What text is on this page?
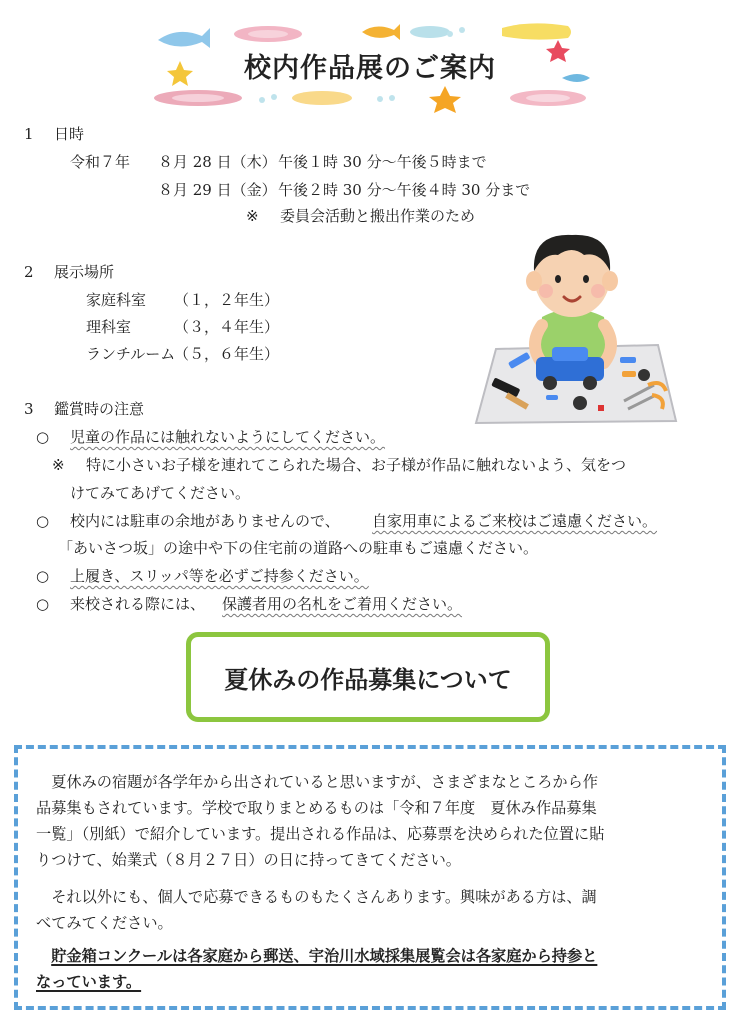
校内作品展のご案内
1 日時
令和７年 ８月 28 日（木） 午後１時 30 分～午後５時まで
８月 29 日（金） 午後２時 30 分～午後４時 30 分まで
※ 委員会活動と搬出作業のため
2 展示場所
家庭科室 （１，２年生）
理科室	（３，４年生）
ランチルーム
（５，６年生）
3 鑑賞時の注意
○ 児童の作品には触れないようにしてください。
※ 特に小さいお子様を連れてこられた場合、お子様が作品に触れないよう、気をつ
けてみてあげてください。
○ 校内には駐車の余地がありませんので、 自家用車によるご来校はご遠慮ください。
「あいさつ坂」の途中や下の住宅前の道路への駐車もご遠慮ください。
○ 上履き、スリッパ等を必ずご持参ください。
○ 来校される際には、 保護者用の名札をご着用ください。
夏休みの作品募集について
夏休みの宿題が各学年から出されていると思いますが、さまざまなところから作
品募集もされています。学校で取りまとめるものは「令和７年度　夏休み作品募集
一覧」（別紙）で紹介しています。提出される作品は、応募票を決められた位置に貼
りつけて、始業式（８月２７日）の日に持ってきてください。
それ以外にも、個人で応募できるものもたくさんあります。興味がある方は、調
べてみてください。
貯金箱コンクールは各家庭から郵送、宇治川水域採集展覧会は各家庭から持参と
なっています。
